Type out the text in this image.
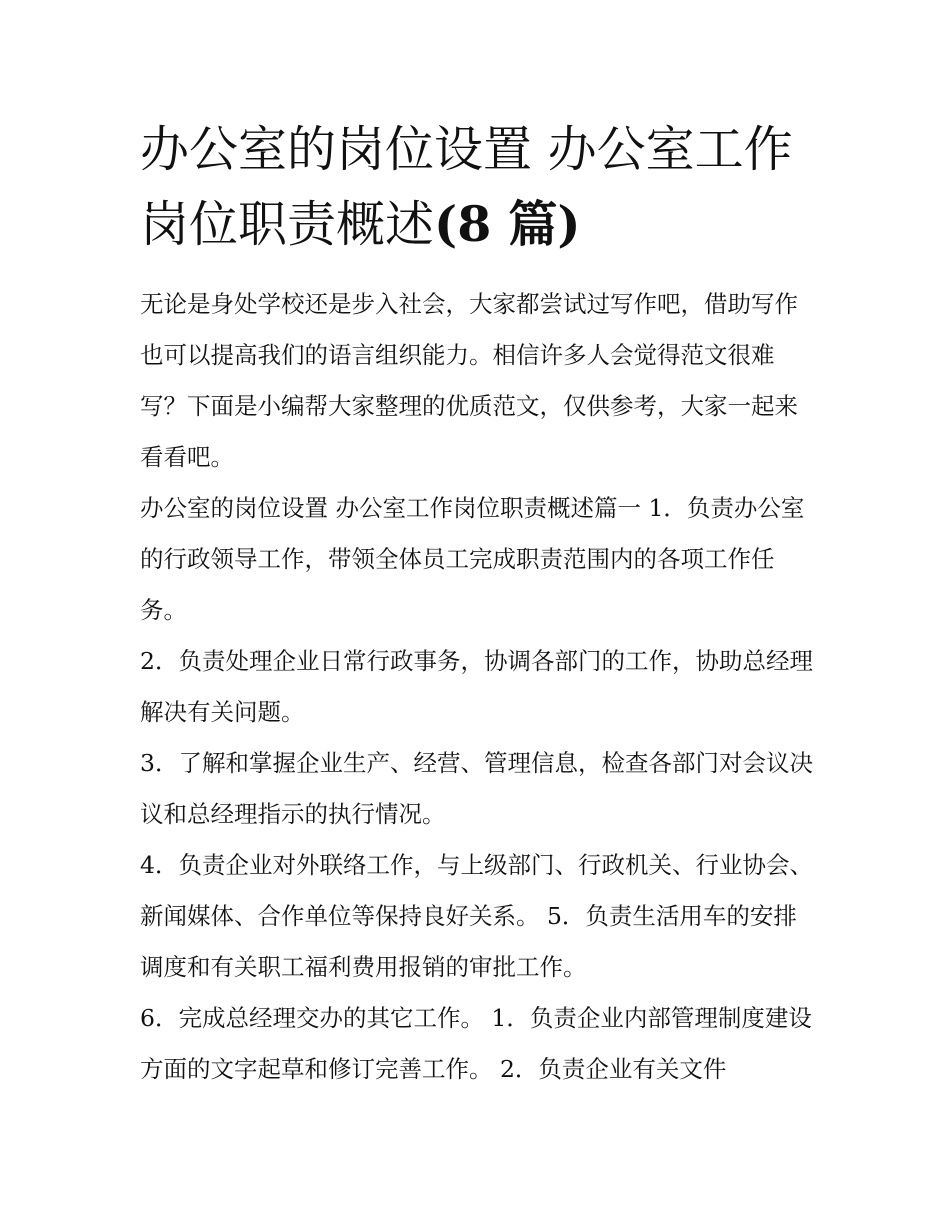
办公室的岗位设置 办公室工作岗位职责概述(8 篇)

无论是身处学校还是步入社会，大家都尝试过写作吧，借助写作也可以提高我们的语言组织能力。相信许多人会觉得范文很难写？下面是小编帮大家整理的优质范文，仅供参考，大家一起来看看吧。

办公室的岗位设置 办公室工作岗位职责概述篇一 1．负责办公室的行政领导工作，带领全体员工完成职责范围内的各项工作任务。

2．负责处理企业日常行政事务，协调各部门的工作，协助总经理解决有关问题。

3．了解和掌握企业生产、经营、管理信息，检查各部门对会议决议和总经理指示的执行情况。

4．负责企业对外联络工作，与上级部门、行政机关、行业协会、新闻媒体、合作单位等保持良好关系。 5．负责生活用车的安排调度和有关职工福利费用报销的审批工作。

6．完成总经理交办的其它工作。 1．负责企业内部管理制度建设方面的文字起草和修订完善工作。 2．负责企业有关文件
